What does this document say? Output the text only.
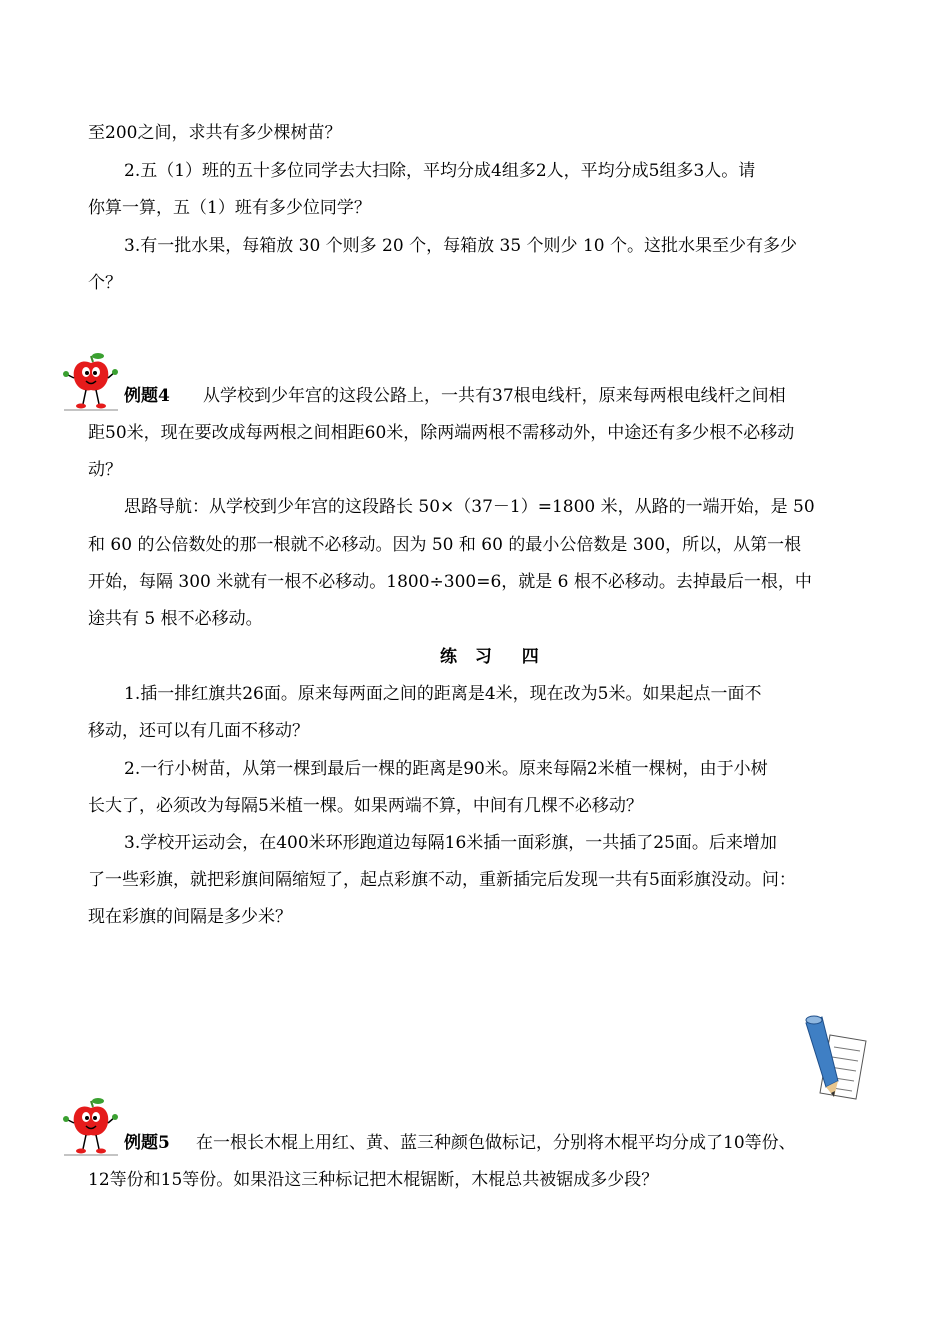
至200之间，求共有多少棵树苗？
2.五（1）班的五十多位同学去大扫除，平均分成4组多2人，平均分成5组多3人。请
你算一算，五（1）班有多少位同学？
3.有一批水果，每箱放 30 个则多 20 个，每箱放 35 个则少 10 个。这批水果至少有多少
个？
例题4 从学校到少年宫的这段公路上，一共有37根电线杆，原来每两根电线杆之间相
距50米，现在要改成每两根之间相距60米，除两端两根不需移动外，中途还有多少根不必移动
动？
思路导航：从学校到少年宫的这段路长 50×（37－1）=1800 米，从路的一端开始，是 50
和 60 的公倍数处的那一根就不必移动。因为 50 和 60 的最小公倍数是 300，所以，从第一根
开始，每隔 300 米就有一根不必移动。1800÷300=6，就是 6 根不必移动。去掉最后一根，中
途共有 5 根不必移动。
练 习  四
1.插一排红旗共26面。原来每两面之间的距离是4米，现在改为5米。如果起点一面不
移动，还可以有几面不移动？
2.一行小树苗，从第一棵到最后一棵的距离是90米。原来每隔2米植一棵树，由于小树
长大了，必须改为每隔5米植一棵。如果两端不算，中间有几棵不必移动？
3.学校开运动会，在400米环形跑道边每隔16米插一面彩旗，一共插了25面。后来增加
了一些彩旗，就把彩旗间隔缩短了，起点彩旗不动，重新插完后发现一共有5面彩旗没动。问：
现在彩旗的间隔是多少米？
例题5 在一根长木棍上用红、黄、蓝三种颜色做标记，分别将木棍平均分成了10等份、
12等份和15等份。如果沿这三种标记把木棍锯断，木棍总共被锯成多少段？
